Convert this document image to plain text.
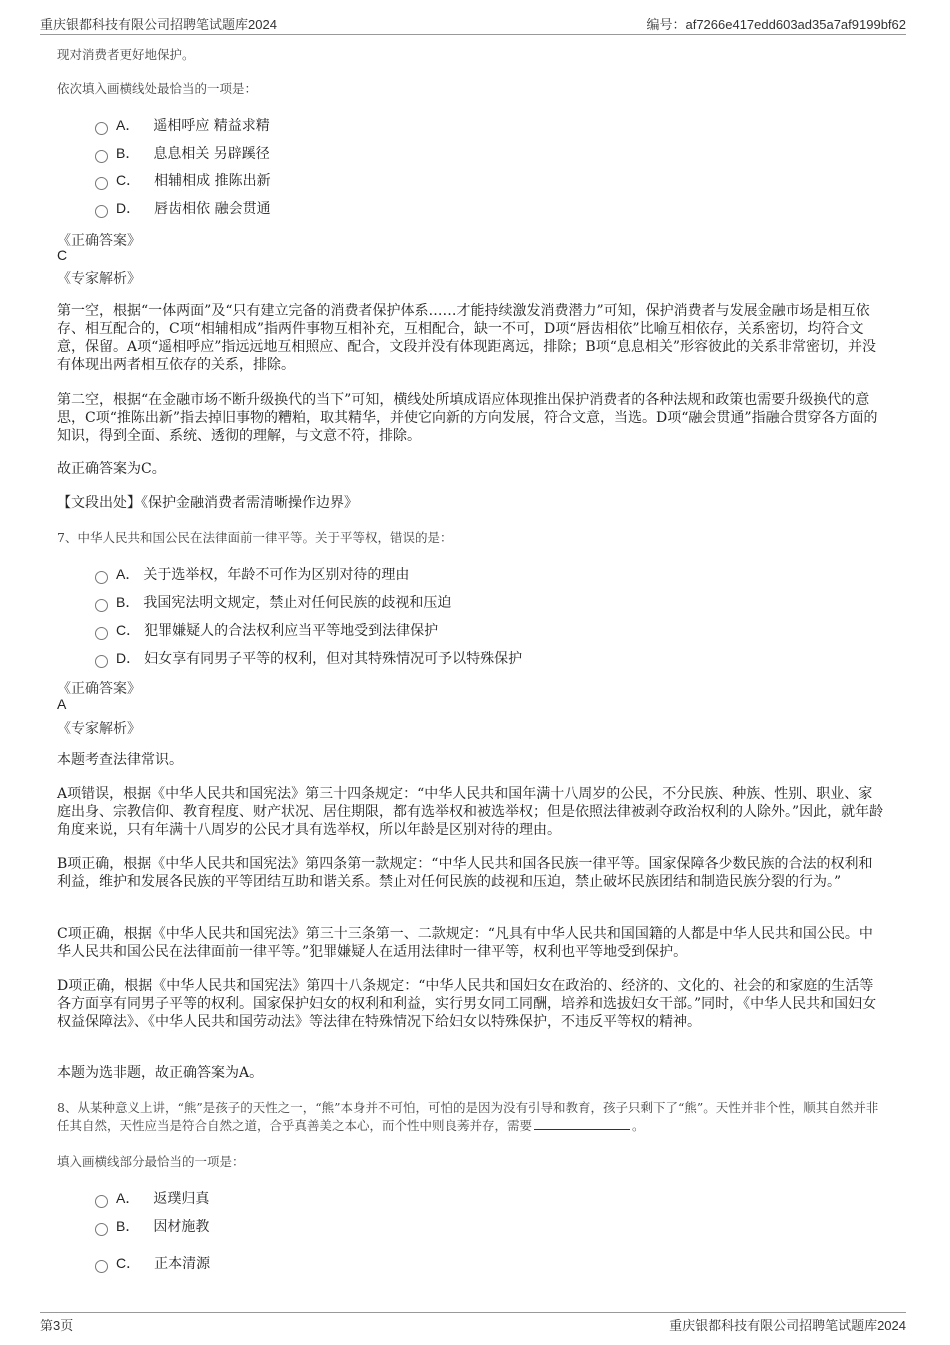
重庆银都科技有限公司招聘笔试题库2024	编号：af7266e417edd603ad35a7af9199bf62
现对消费者更好地保护。
依次填入画横线处最恰当的一项是：
A． 遥相呼应 精益求精
B． 息息相关 另辟蹊径
C． 相辅相成 推陈出新
D． 唇齿相依 融会贯通
《正确答案》
C
《专家解析》
第一空，根据“一体两面”及“只有建立完备的消费者保护体系……才能持续激发消费潜力”可知，保护消费者与发展金融市场是相互依存、相互配合的，C项“相辅相成”指两件事物互相补充，互相配合，缺一不可，D项“唇齿相依”比喻互相依存，关系密切，均符合文意，保留。A项“遥相呼应”指远远地互相照应、配合，文段并没有体现距离远，排除；B项“息息相关”形容彼此的关系非常密切，并没有体现出两者相互依存的关系，排除。
第二空，根据“在金融市场不断升级换代的当下”可知，横线处所填成语应体现推出保护消费者的各种法规和政策也需要升级换代的意思，C项“推陈出新”指去掉旧事物的糟粕，取其精华，并使它向新的方向发展，符合文意，当选。D项“融会贯通”指融合贯穿各方面的知识，得到全面、系统、透彻的理解，与文意不符，排除。
故正确答案为C。
【文段出处】《保护金融消费者需清晰操作边界》
7、中华人民共和国公民在法律面前一律平等。关于平等权，错误的是：
A． 关于选举权，年龄不可作为区别对待的理由
B． 我国宪法明文规定，禁止对任何民族的歧视和压迫
C． 犯罪嫌疑人的合法权利应当平等地受到法律保护
D． 妇女享有同男子平等的权利，但对其特殊情况可予以特殊保护
《正确答案》
A
《专家解析》
本题考查法律常识。
A项错误，根据《中华人民共和国宪法》第三十四条规定：“中华人民共和国年满十八周岁的公民，不分民族、种族、性别、职业、家庭出身、宗教信仰、教育程度、财产状况、居住期限，都有选举权和被选举权；但是依照法律被剥夺政治权利的人除外。”因此，就年龄角度来说，只有年满十八周岁的公民才具有选举权，所以年龄是区别对待的理由。
B项正确，根据《中华人民共和国宪法》第四条第一款规定：“中华人民共和国各民族一律平等。国家保障各少数民族的合法的权利和利益，维护和发展各民族的平等团结互助和谐关系。禁止对任何民族的歧视和压迫，禁止破坏民族团结和制造民族分裂的行为。”
C项正确，根据《中华人民共和国宪法》第三十三条第一、二款规定：“凡具有中华人民共和国国籍的人都是中华人民共和国公民。中华人民共和国公民在法律面前一律平等。”犯罪嫌疑人在适用法律时一律平等，权利也平等地受到保护。
D项正确，根据《中华人民共和国宪法》第四十八条规定：“中华人民共和国妇女在政治的、经济的、文化的、社会的和家庭的生活等各方面享有同男子平等的权利。国家保护妇女的权利和利益，实行男女同工同酬，培养和选拔妇女干部。”同时，《中华人民共和国妇女权益保障法》、《中华人民共和国劳动法》等法律在特殊情况下给妇女以特殊保护，不违反平等权的精神。
本题为选非题，故正确答案为A。
8、从某种意义上讲，“熊”是孩子的天性之一，“熊”本身并不可怕，可怕的是因为没有引导和教育，孩子只剩下了“熊”。天性并非个性，顺其自然并非任其自然，天性应当是符合自然之道，合乎真善美之本心，而个性中则良莠并存，需要	。
填入画横线部分最恰当的一项是：
A． 返璞归真
B． 因材施教
C． 正本清源
第3页	重庆银都科技有限公司招聘笔试题库2024
